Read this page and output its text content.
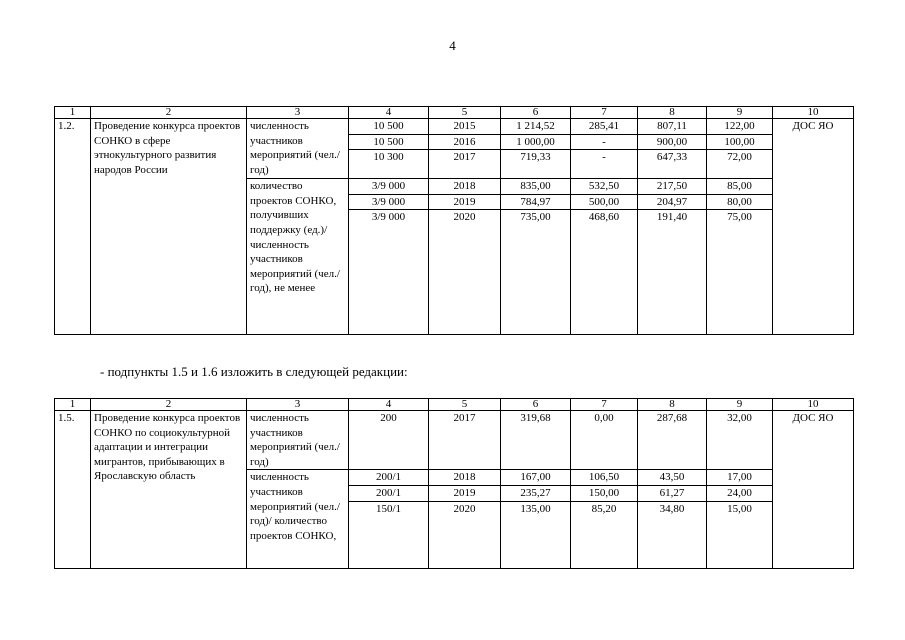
4
1	2	3	4	5	6	7	8	9	10
1.2.	Проведение конкурса проектов СОНКО в сфере этнокультурного развития народов России	численность участников мероприятий (чел./год)	10 500	2015	1 214,52	285,41	807,11	122,00	ДОС ЯО
			10 500	2016	1 000,00	-	900,00	100,00	
			10 300	2017	719,33	-	647,33	72,00	
		количество проектов СОНКО, получивших поддержку (ед.)/ численность участников мероприятий (чел./год), не менее	3/9 000	2018	835,00	532,50	217,50	85,00	
			3/9 000	2019	784,97	500,00	204,97	80,00	
			3/9 000	2020	735,00	468,60	191,40	75,00	
- подпункты 1.5 и 1.6 изложить в следующей редакции:
1	2	3	4	5	6	7	8	9	10
1.5.	Проведение конкурса проектов СОНКО по социокультурной адаптации и интеграции мигрантов, прибывающих в Ярославскую область	численность участников мероприятий (чел./год)	200	2017	319,68	0,00	287,68	32,00	ДОС ЯО
		численность участников мероприятий (чел./год)/ количество проектов СОНКО,	200/1	2018	167,00	106,50	43,50	17,00	
			200/1	2019	235,27	150,00	61,27	24,00	
			150/1	2020	135,00	85,20	34,80	15,00	
